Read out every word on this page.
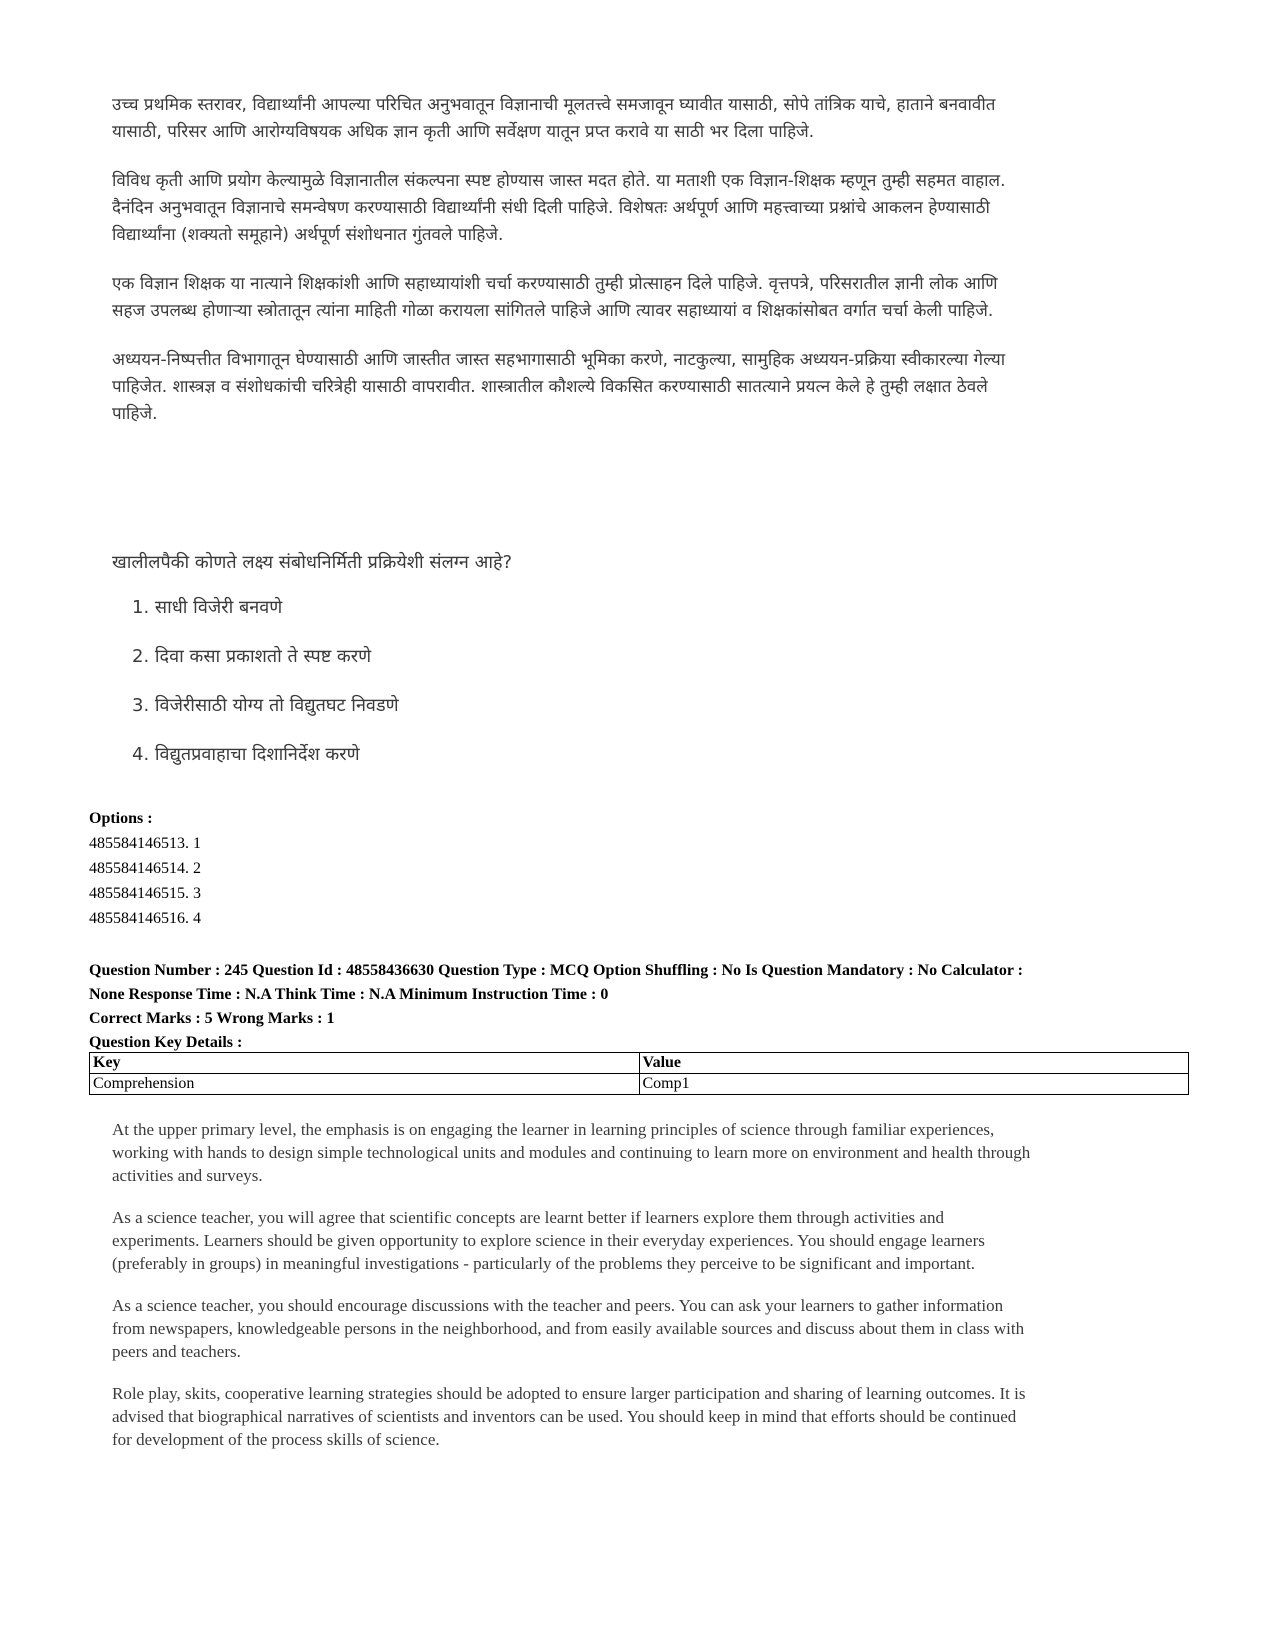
उच्च प्रथमिक स्तरावर, विद्यार्थ्यांनी आपल्या परिचित अनुभवातून विज्ञानाची मूलतत्त्वे समजावून घ्यावीत यासाठी, सोपे तांत्रिक याचे, हाताने बनवावीत यासाठी, परिसर आणि आरोग्यविषयक अधिक ज्ञान कृती आणि सर्वेक्षण यातून प्रप्त करावे या साठी भर दिला पाहिजे.

विविध कृती आणि प्रयोग केल्यामुळे विज्ञानातील संकल्पना स्पष्ट होण्यास जास्त मदत होते. या मताशी एक विज्ञान-शिक्षक म्हणून तुम्ही सहमत वाहाल. दैनंदिन अनुभवातून विज्ञानाचे समन्वेषण करण्यासाठी विद्यार्थ्यांनी संधी दिली पाहिजे. विशेषतः अर्थपूर्ण आणि महत्त्वाच्या प्रश्नांचे आकलन हेण्यासाठी विद्यार्थ्यांना (शक्यतो समूहाने) अर्थपूर्ण संशोधनात गुंतवले पाहिजे.

एक विज्ञान शिक्षक या नात्याने शिक्षकांशी आणि सहाध्यायांशी चर्चा करण्यासाठी तुम्ही प्रोत्साहन दिले पाहिजे. वृत्तपत्रे, परिसरातील ज्ञानी लोक आणि सहज उपलब्ध होणाऱ्या स्त्रोतातून त्यांना माहिती गोळा करायला सांगितले पाहिजे आणि त्यावर सहाध्यायां व शिक्षकांसोबत वर्गात चर्चा केली पाहिजे.

अध्ययन-निष्पत्तीत विभागातून घेण्यासाठी आणि जास्तीत जास्त सहभागासाठी भूमिका करणे, नाटकुल्या, सामुहिक अध्ययन-प्रक्रिया स्वीकारल्या गेल्या पाहिजेत. शास्त्रज्ञ व संशोधकांची चरित्रेही यासाठी वापरावीत. शास्त्रातील कौशल्ये विकसित करण्यासाठी सातत्याने प्रयत्न केले हे तुम्ही लक्षात ठेवले पाहिजे.

खालीलपैकी कोणते लक्ष्य संबोधनिर्मिती प्रक्रियेशी संलग्न आहे?
1. साधी विजेरी बनवणे
2. दिवा कसा प्रकाशतो ते स्पष्ट करणे
3. विजेरीसाठी योग्य तो विद्युतघट निवडणे
4. विद्युतप्रवाहाचा दिशानिर्देश करणे
Options :
485584146513. 1
485584146514. 2
485584146515. 3
485584146516. 4
Question Number : 245 Question Id : 48558436630 Question Type : MCQ Option Shuffling : No Is Question Mandatory : No Calculator :
None Response Time : N.A Think Time : N.A Minimum Instruction Time : 0
Correct Marks : 5 Wrong Marks : 1
Question Key Details :
Key	Value
Comprehension	Comp1

At the upper primary level, the emphasis is on engaging the learner in learning principles of science through familiar experiences, working with hands to design simple technological units and modules and continuing to learn more on environment and health through activities and surveys.

As a science teacher, you will agree that scientific concepts are learnt better if learners explore them through activities and experiments. Learners should be given opportunity to explore science in their everyday experiences. You should engage learners (preferably in groups) in meaningful investigations - particularly of the problems they perceive to be significant and important.

As a science teacher, you should encourage discussions with the teacher and peers. You can ask your learners to gather information from newspapers, knowledgeable persons in the neighborhood, and from easily available sources and discuss about them in class with peers and teachers.

Role play, skits, cooperative learning strategies should be adopted to ensure larger participation and sharing of learning outcomes. It is advised that biographical narratives of scientists and inventors can be used. You should keep in mind that efforts should be continued for development of the process skills of science.
